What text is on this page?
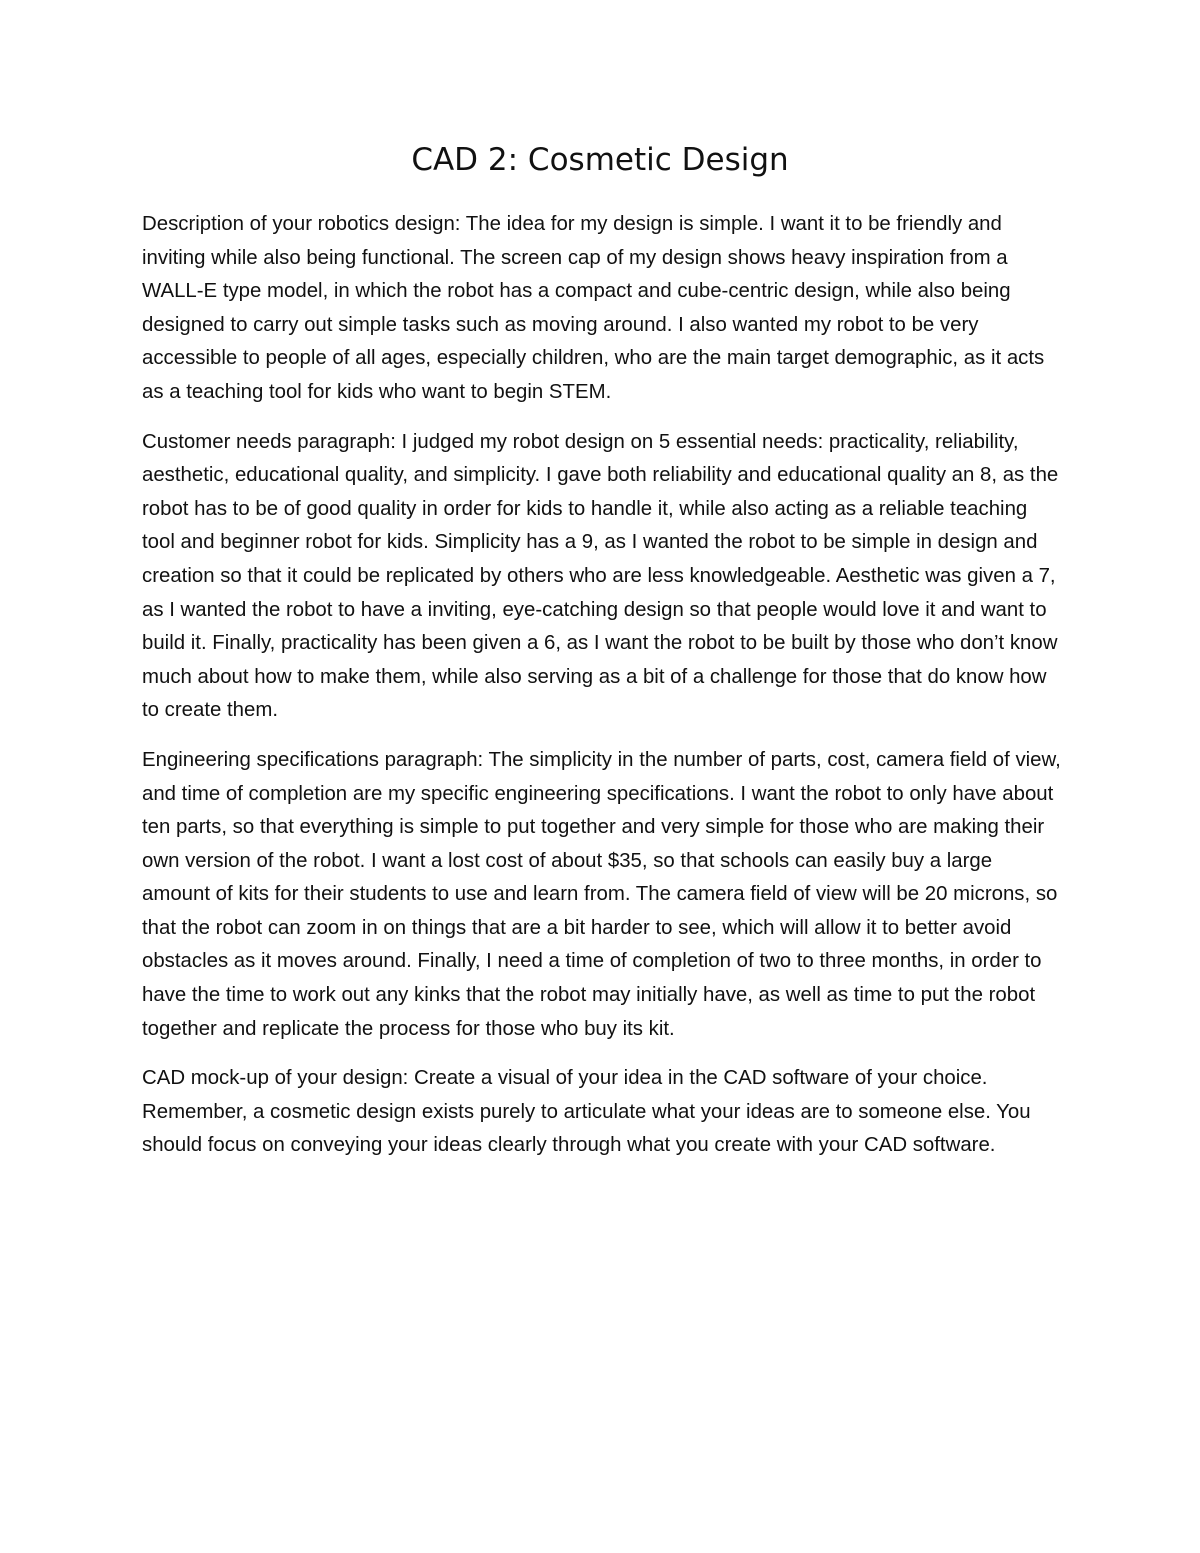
CAD 2: Cosmetic Design

Description of your robotics design: The idea for my design is simple. I want it to be friendly and inviting while also being functional. The screen cap of my design shows heavy inspiration from a WALL-E type model, in which the robot has a compact and cube-centric design, while also being designed to carry out simple tasks such as moving around. I also wanted my robot to be very accessible to people of all ages, especially children, who are the main target demographic, as it acts as a teaching tool for kids who want to begin STEM.

Customer needs paragraph: I judged my robot design on 5 essential needs: practicality, reliability, aesthetic, educational quality, and simplicity. I gave both reliability and educational quality an 8, as the robot has to be of good quality in order for kids to handle it, while also acting as a reliable teaching tool and beginner robot for kids. Simplicity has a 9, as I wanted the robot to be simple in design and creation so that it could be replicated by others who are less knowledgeable. Aesthetic was given a 7, as I wanted the robot to have a inviting, eye-catching design so that people would love it and want to build it. Finally, practicality has been given a 6, as I want the robot to be built by those who don’t know much about how to make them, while also serving as a bit of a challenge for those that do know how to create them.

Engineering specifications paragraph: The simplicity in the number of parts, cost, camera field of view, and time of completion are my specific engineering specifications. I want the robot to only have about ten parts, so that everything is simple to put together and very simple for those who are making their own version of the robot. I want a lost cost of about $35, so that schools can easily buy a large amount of kits for their students to use and learn from. The camera field of view will be 20 microns, so that the robot can zoom in on things that are a bit harder to see, which will allow it to better avoid obstacles as it moves around. Finally, I need a time of completion of two to three months, in order to have the time to work out any kinks that the robot may initially have, as well as time to put the robot together and replicate the process for those who buy its kit.

CAD mock-up of your design: Create a visual of your idea in the CAD software of your choice. Remember, a cosmetic design exists purely to articulate what your ideas are to someone else. You should focus on conveying your ideas clearly through what you create with your CAD software.
